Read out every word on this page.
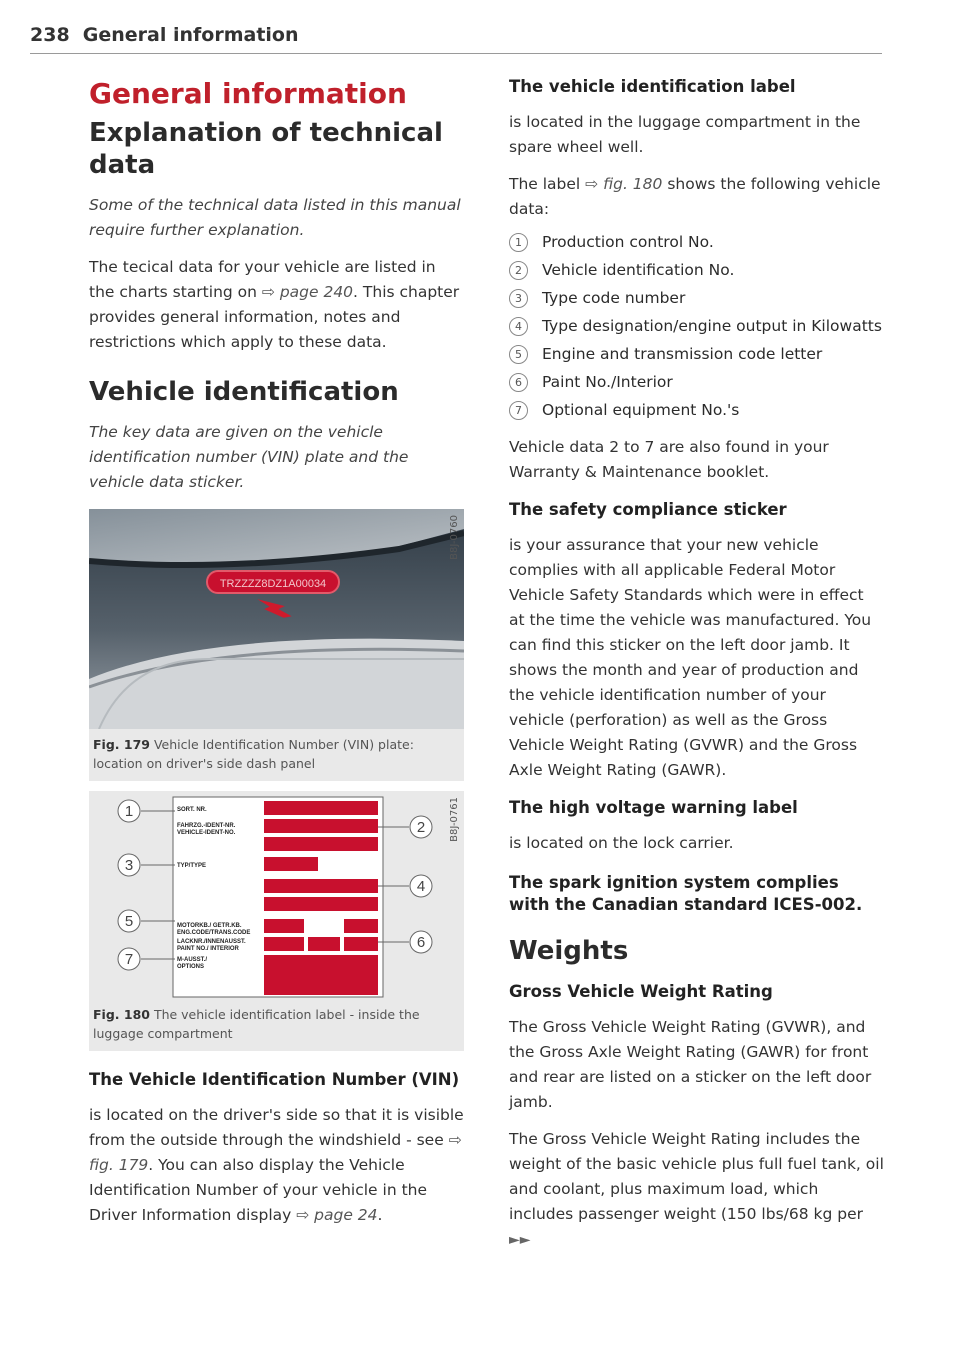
238 General information
General information
Explanation of technical data
Some of the technical data listed in this manual require further explanation.

The tecical data for your vehicle are listed in the charts starting on ⇨ page 240. This chapter provides general information, notes and restrictions which apply to these data.

Vehicle identification
The key data are given on the vehicle identification number (VIN) plate and the vehicle data sticker.
TRZZZZ8DZ1A00034
B8J-0760
Fig. 179 Vehicle Identification Number (VIN) plate: location on driver's side dash panel
SORT. NR.
FAHRZG.-IDENT-NR.
VEHICLE-IDENT-NO.
TYP/TYPE
MOTORKB./ GETR.KB.
ENG.CODE/TRANS.CODE
LACKNR./INNENAUSST.
PAINT NO./ INTERIOR
M-AUSST./
OPTIONS
1
2
3
4
5
6
7
B8J-0761
Fig. 180 The vehicle identification label - inside the luggage compartment
The Vehicle Identification Number (VIN)

is located on the driver's side so that it is visible from the outside through the windshield - see ⇨ fig. 179. You can also display the Vehicle Identification Number of your vehicle in the Driver Information display ⇨ page 24.

The vehicle identification label

is located in the luggage compartment in the spare wheel well.

The label ⇨ fig. 180 shows the following vehicle data:

1	Production control No.
2	Vehicle identification No.
3	Type code number
4	Type designation/engine output in Kilowatts
5	Engine and transmission code letter
6	Paint No./Interior
7	Optional equipment No.'s

Vehicle data 2 to 7 are also found in your Warranty & Maintenance booklet.

The safety compliance sticker

is your assurance that your new vehicle complies with all applicable Federal Motor Vehicle Safety Standards which were in effect at the time the vehicle was manufactured. You can find this sticker on the left door jamb. It shows the month and year of production and the vehicle identification number of your vehicle (perforation) as well as the Gross Vehicle Weight Rating (GVWR) and the Gross Axle Weight Rating (GAWR).

The high voltage warning label

is located on the lock carrier.

The spark ignition system complies with the Canadian standard ICES-002.
Weights
Gross Vehicle Weight Rating

The Gross Vehicle Weight Rating (GVWR), and the Gross Axle Weight Rating (GAWR) for front and rear are listed on a sticker on the left door jamb.

The Gross Vehicle Weight Rating includes the weight of the basic vehicle plus full fuel tank, oil and coolant, plus maximum load, which includes passenger weight (150 lbs/68 kg per ►►
